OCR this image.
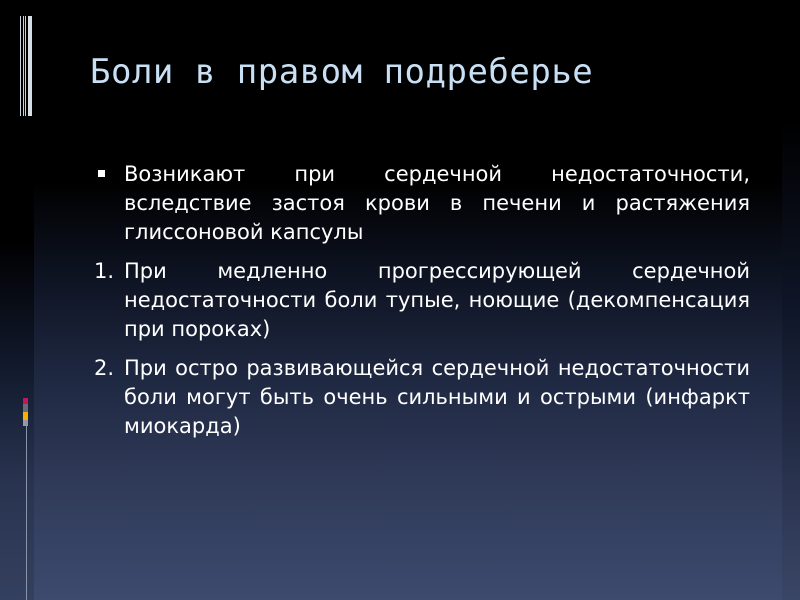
Боли в правом подреберье
Возникают при сердечной недостаточности, вследствие застоя крови в печени и растяжения глиссоновой капсулы
1. При медленно прогрессирующей сердечной недостаточности боли тупые, ноющие (декомпенсация при пороках)
2. При остро развивающейся сердечной недостаточности боли могут быть очень сильными и острыми (инфаркт миокарда)
